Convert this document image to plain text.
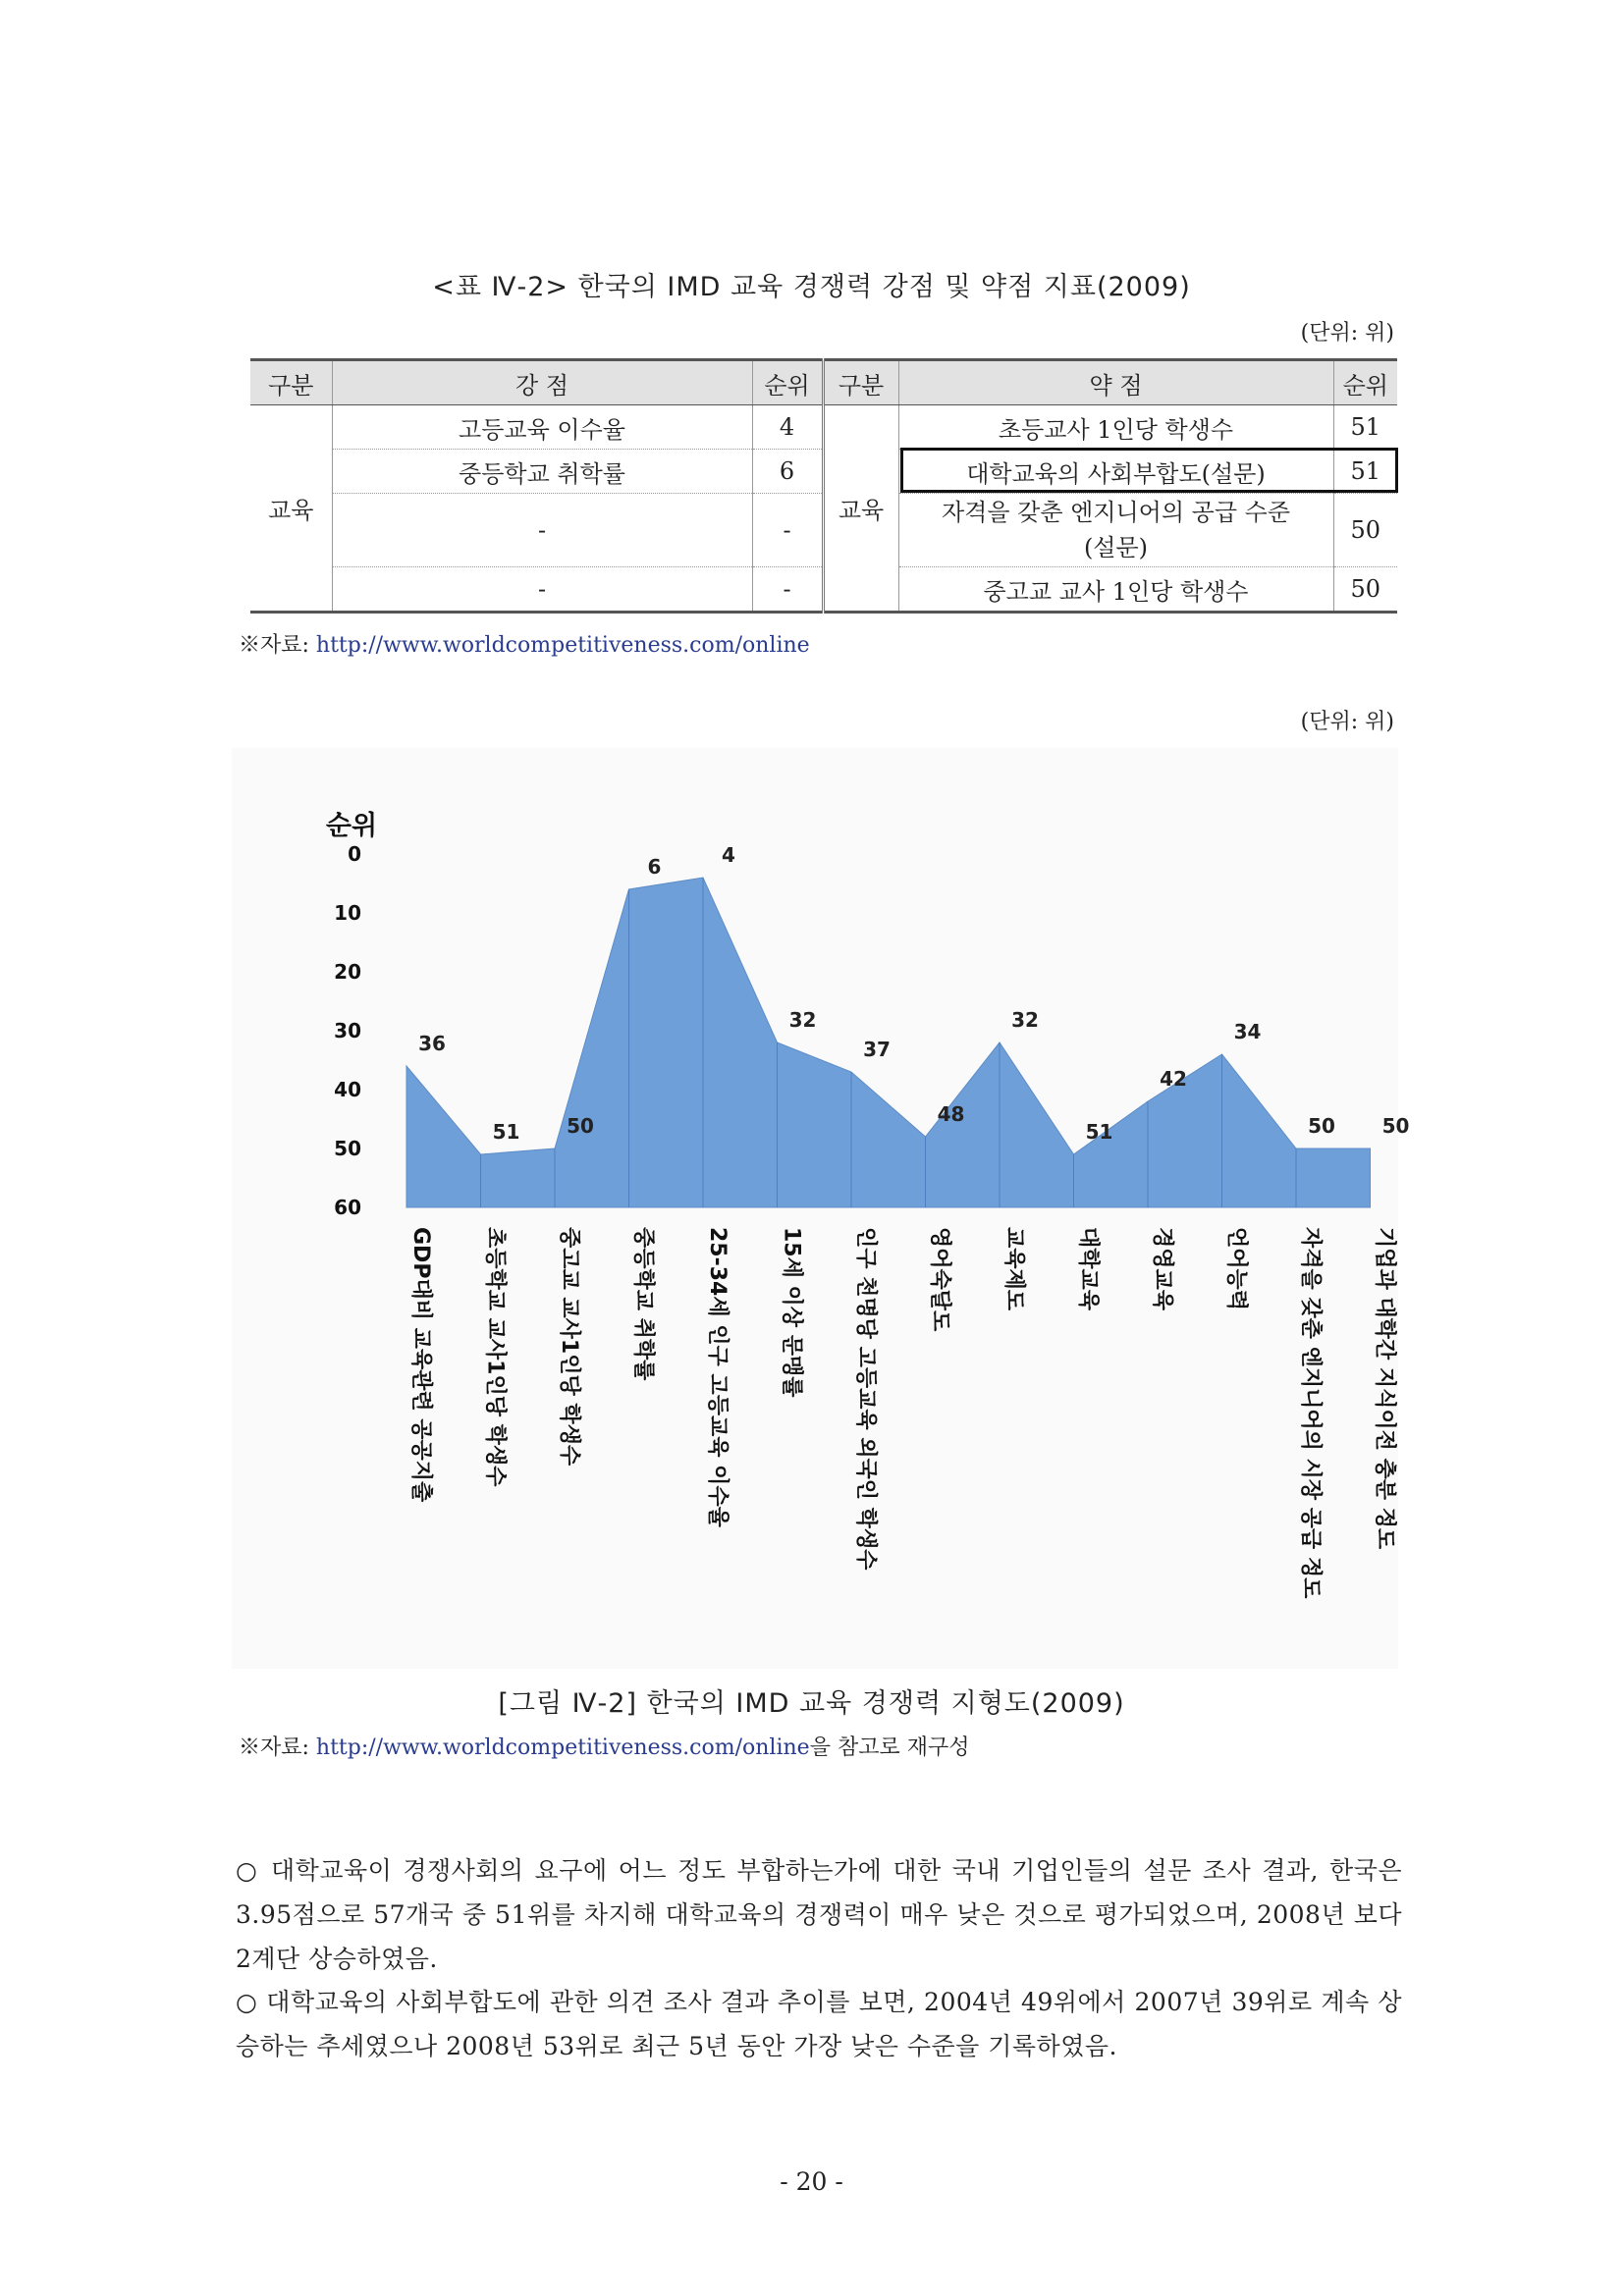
<표 Ⅳ-2> 한국의 IMD 교육 경쟁력 강점 및 약점 지표(2009)
(단위: 위)
구분	강 점	순위	구분	약 점	순위
교육	고등교육 이수율	4	교육	초등교사 1인당 학생수	51
	중등학교 취학률	6		대학교육의 사회부합도(설문)	51
	-	-		자격을 갖춘 엔지니어의 공급 수준(설문)	50
	-	-		중고교 교사 1인당 학생수	50
※자료: http://www.worldcompetitiveness.com/online
(단위: 위)
순위
0
10
20
30
40
50
60
36
51 50
6	4
32
37
48
32
51
42
34
50 50
GDP대비 교육관련 공공지출 초등학교 교사1인당 학생수 중고교 교사1인당 학생수 중등학교 취학률 25-34세 인구 고등교육 이수율 15세 이상 문맹률 인구 천명당 고등교육 외국인 학생수 영어숙달도 교육제도 대학교육 경영교육 언어능력 자격을 갖춘 엔지니어의 시장 공급 정도 기업과 대학간 지식이전 충분 정도
[그림 Ⅳ-2] 한국의 IMD 교육 경쟁력 지형도(2009)
※자료: http://www.worldcompetitiveness.com/online을 참고로 재구성
○ 대학교육이 경쟁사회의 요구에 어느 정도 부합하는가에 대한 국내 기업인들의 설문 조사 결과, 한국은 3.95점으로 57개국 중 51위를 차지해 대학교육의 경쟁력이 매우 낮은 것으로 평가되었으며, 2008년 보다 2계단 상승하였음.
○ 대학교육의 사회부합도에 관한 의견 조사 결과 추이를 보면, 2004년 49위에서 2007년 39위로 계속 상승하는 추세였으나 2008년 53위로 최근 5년 동안 가장 낮은 수준을 기록하였음.
- 20 -
